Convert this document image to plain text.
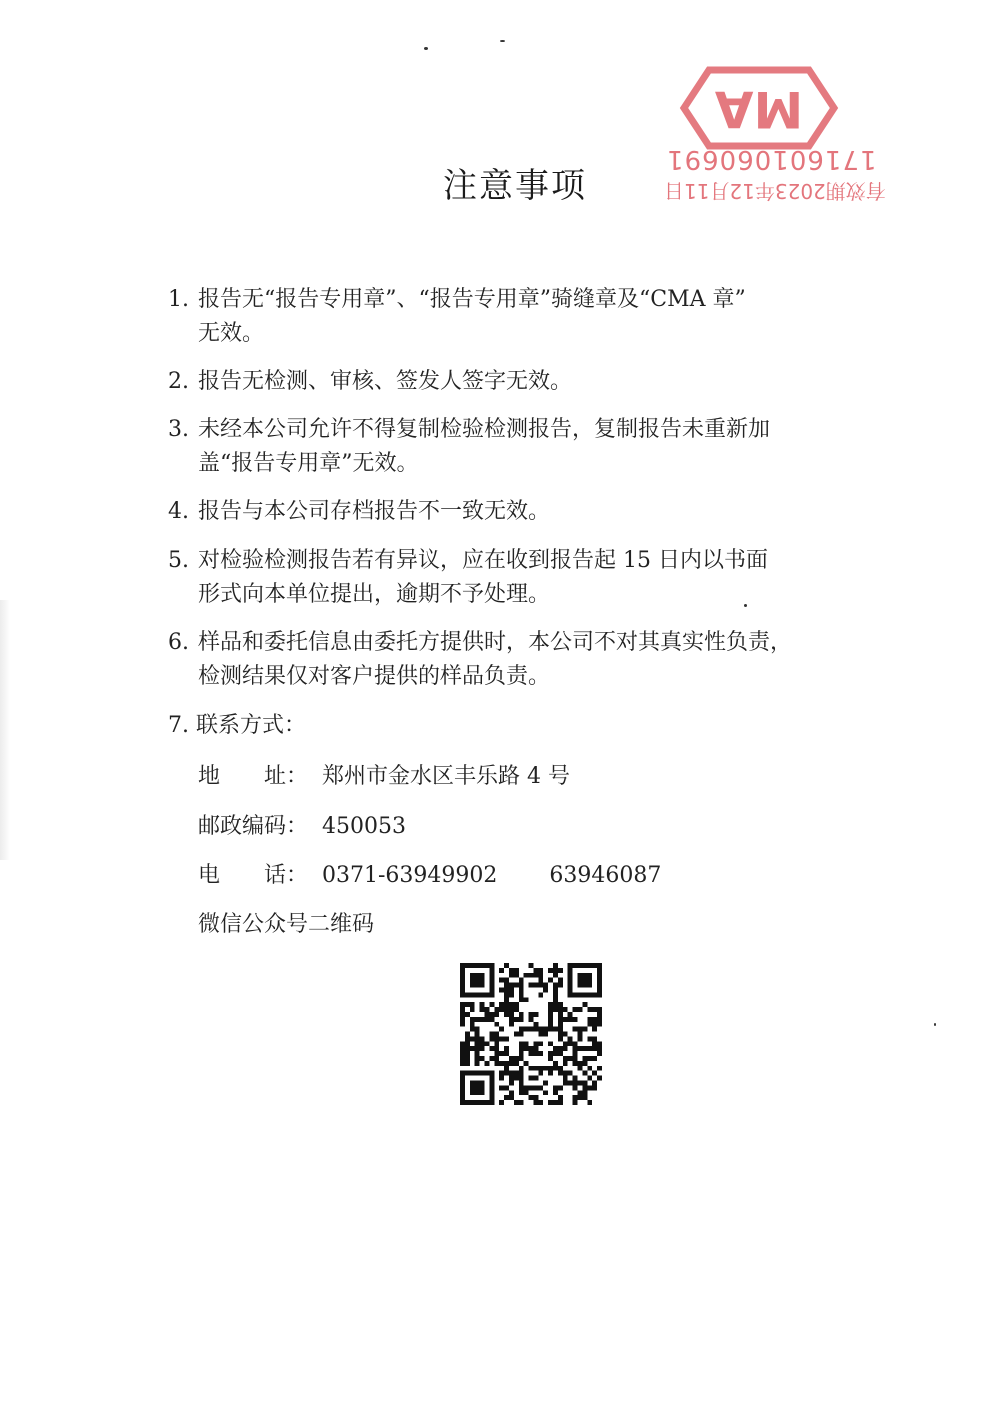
MA
171601060691
有效期2023年12月11日
注意事项
1. 报告无“报告专用章”、“报告专用章”骑缝章及“CMA 章”
无效。
2. 报告无检测、审核、签发人签字无效。
3. 未经本公司允许不得复制检验检测报告，复制报告未重新加
盖“报告专用章”无效。
4. 报告与本公司存档报告不一致无效。
5. 对检验检测报告若有异议，应在收到报告起 15 日内以书面
形式向本单位提出，逾期不予处理。
6. 样品和委托信息由委托方提供时，本公司不对其真实性负责，
检测结果仅对客户提供的样品负责。
7. 联系方式：
地　　址： 郑州市金水区丰乐路 4 号
邮政编码： 450053
电　　话： 0371-63949902 63946087
微信公众号二维码
